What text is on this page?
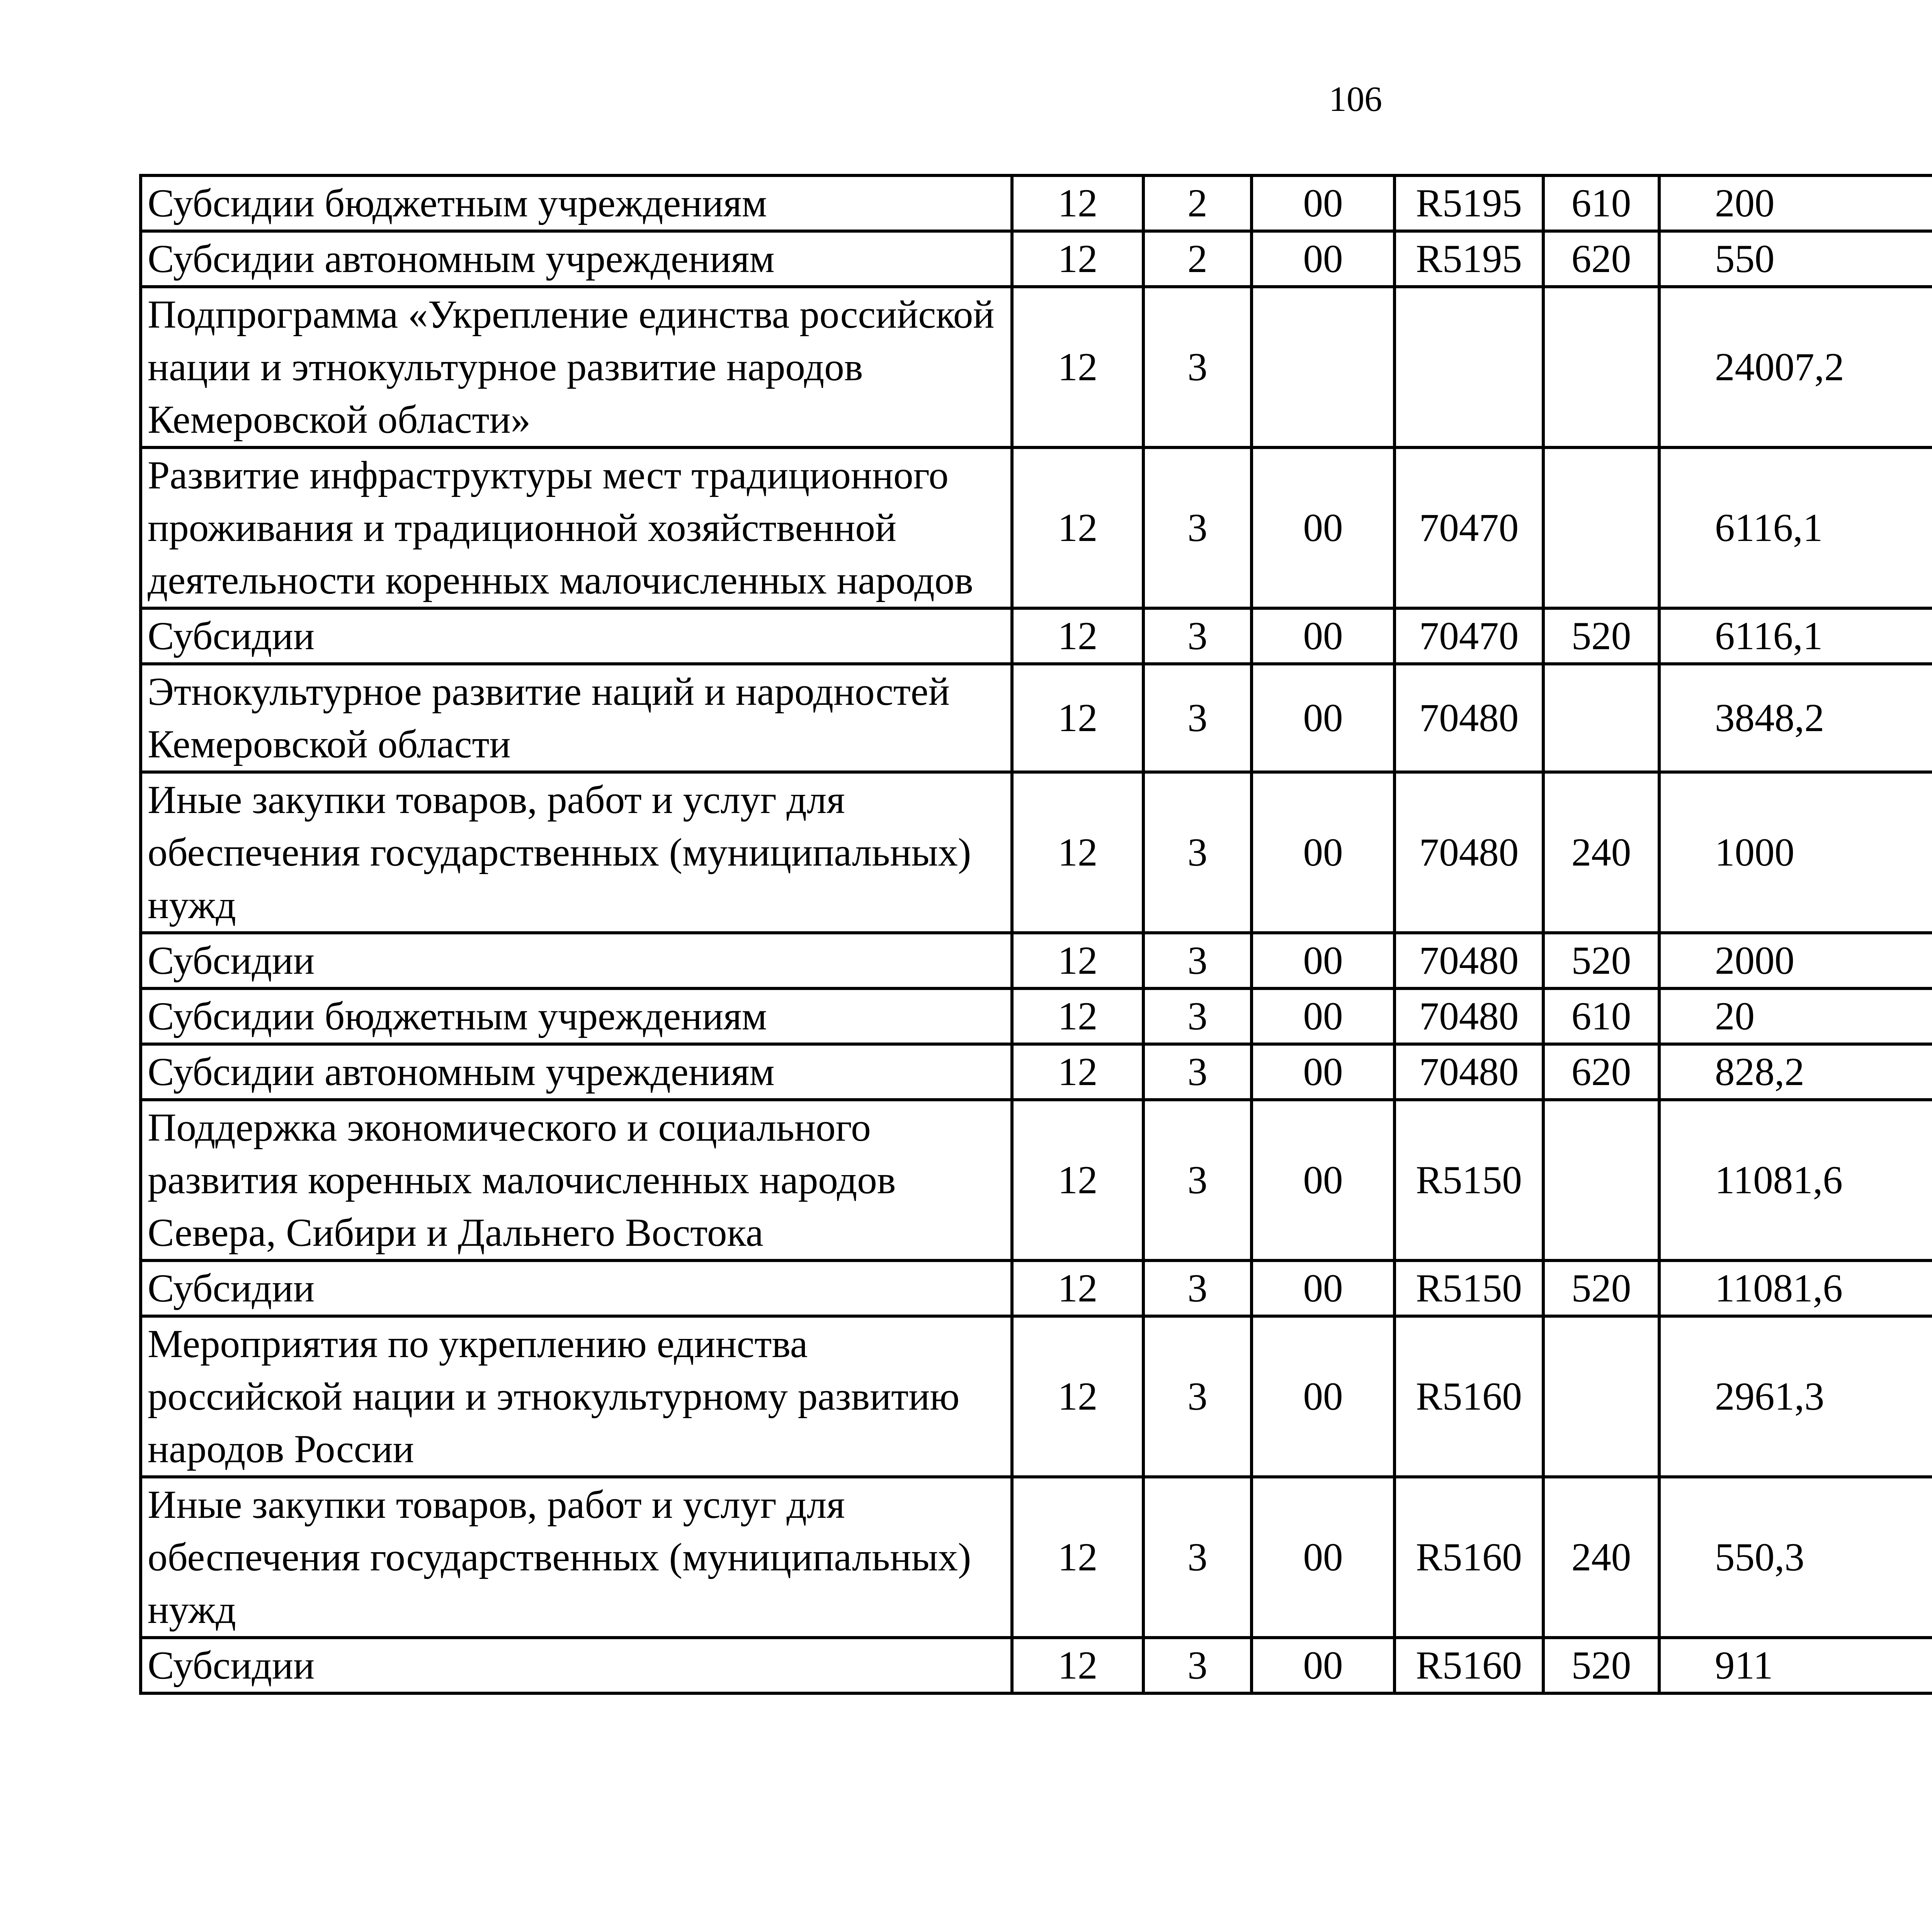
106
Субсидии бюджетным учреждениям	12	2	00	R5195	610	200		
Субсидии автономным учреждениям	12	2	00	R5195	620	550		
Подпрограмма «Укрепление единства российской нации и этнокультурное развитие народов Кемеровской области»	12	3				24007,2		
Развитие инфраструктуры мест традиционного проживания и традиционной хозяйственной деятельности коренных малочисленных народов	12	3	00	70470		6116,1		
Субсидии	12	3	00	70470	520	6116,1		
Этнокультурное развитие наций и народностей Кемеровской области	12	3	00	70480		3848,2		
Иные закупки товаров, работ и услуг для обеспечения государственных (муниципальных) нужд	12	3	00	70480	240	1000		
Субсидии	12	3	00	70480	520	2000		
Субсидии бюджетным учреждениям	12	3	00	70480	610	20		
Субсидии автономным учреждениям	12	3	00	70480	620	828,2		
Поддержка экономического и социального развития коренных малочисленных народов Севера, Сибири и Дальнего Востока	12	3	00	R5150		11081,6		
Субсидии	12	3	00	R5150	520	11081,6		
Мероприятия по укреплению единства российской нации и этнокультурному развитию народов России	12	3	00	R5160		2961,3		
Иные закупки товаров, работ и услуг для обеспечения государственных (муниципальных) нужд	12	3	00	R5160	240	550,3		
Субсидии	12	3	00	R5160	520	911		
